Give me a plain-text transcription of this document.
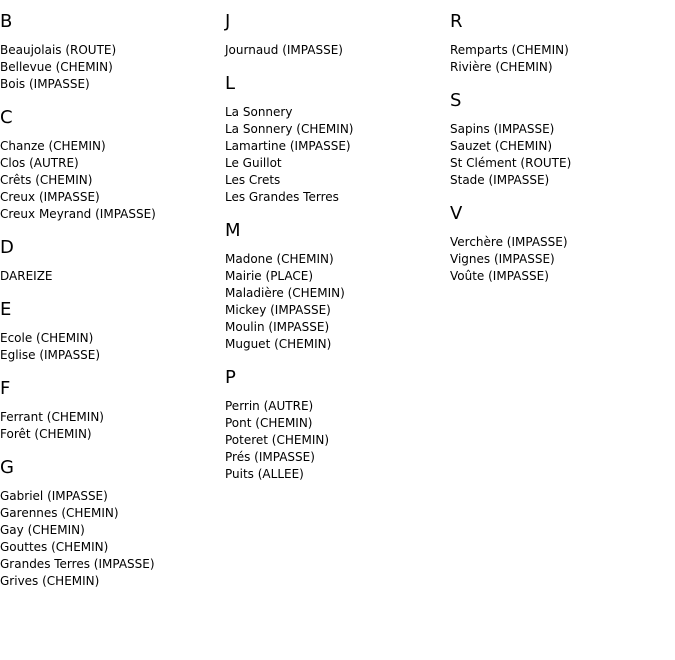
B
Beaujolais (ROUTE)
Bellevue (CHEMIN)
Bois (IMPASSE)
C
Chanze (CHEMIN)
Clos (AUTRE)
Crêts (CHEMIN)
Creux (IMPASSE)
Creux Meyrand (IMPASSE)
D
DAREIZE
E
Ecole (CHEMIN)
Eglise (IMPASSE)
F
Ferrant (CHEMIN)
Forêt (CHEMIN)
G
Gabriel (IMPASSE)
Garennes (CHEMIN)
Gay (CHEMIN)
Gouttes (CHEMIN)
Grandes Terres (IMPASSE)
Grives (CHEMIN)
J
Journaud (IMPASSE)
L
La Sonnery
La Sonnery (CHEMIN)
Lamartine (IMPASSE)
Le Guillot
Les Crets
Les Grandes Terres
M
Madone (CHEMIN)
Mairie (PLACE)
Maladière (CHEMIN)
Mickey (IMPASSE)
Moulin (IMPASSE)
Muguet (CHEMIN)
P
Perrin (AUTRE)
Pont (CHEMIN)
Poteret (CHEMIN)
Prés (IMPASSE)
Puits (ALLEE)
R
Remparts (CHEMIN)
Rivière (CHEMIN)
S
Sapins (IMPASSE)
Sauzet (CHEMIN)
St Clément (ROUTE)
Stade (IMPASSE)
V
Verchère (IMPASSE)
Vignes (IMPASSE)
Voûte (IMPASSE)
